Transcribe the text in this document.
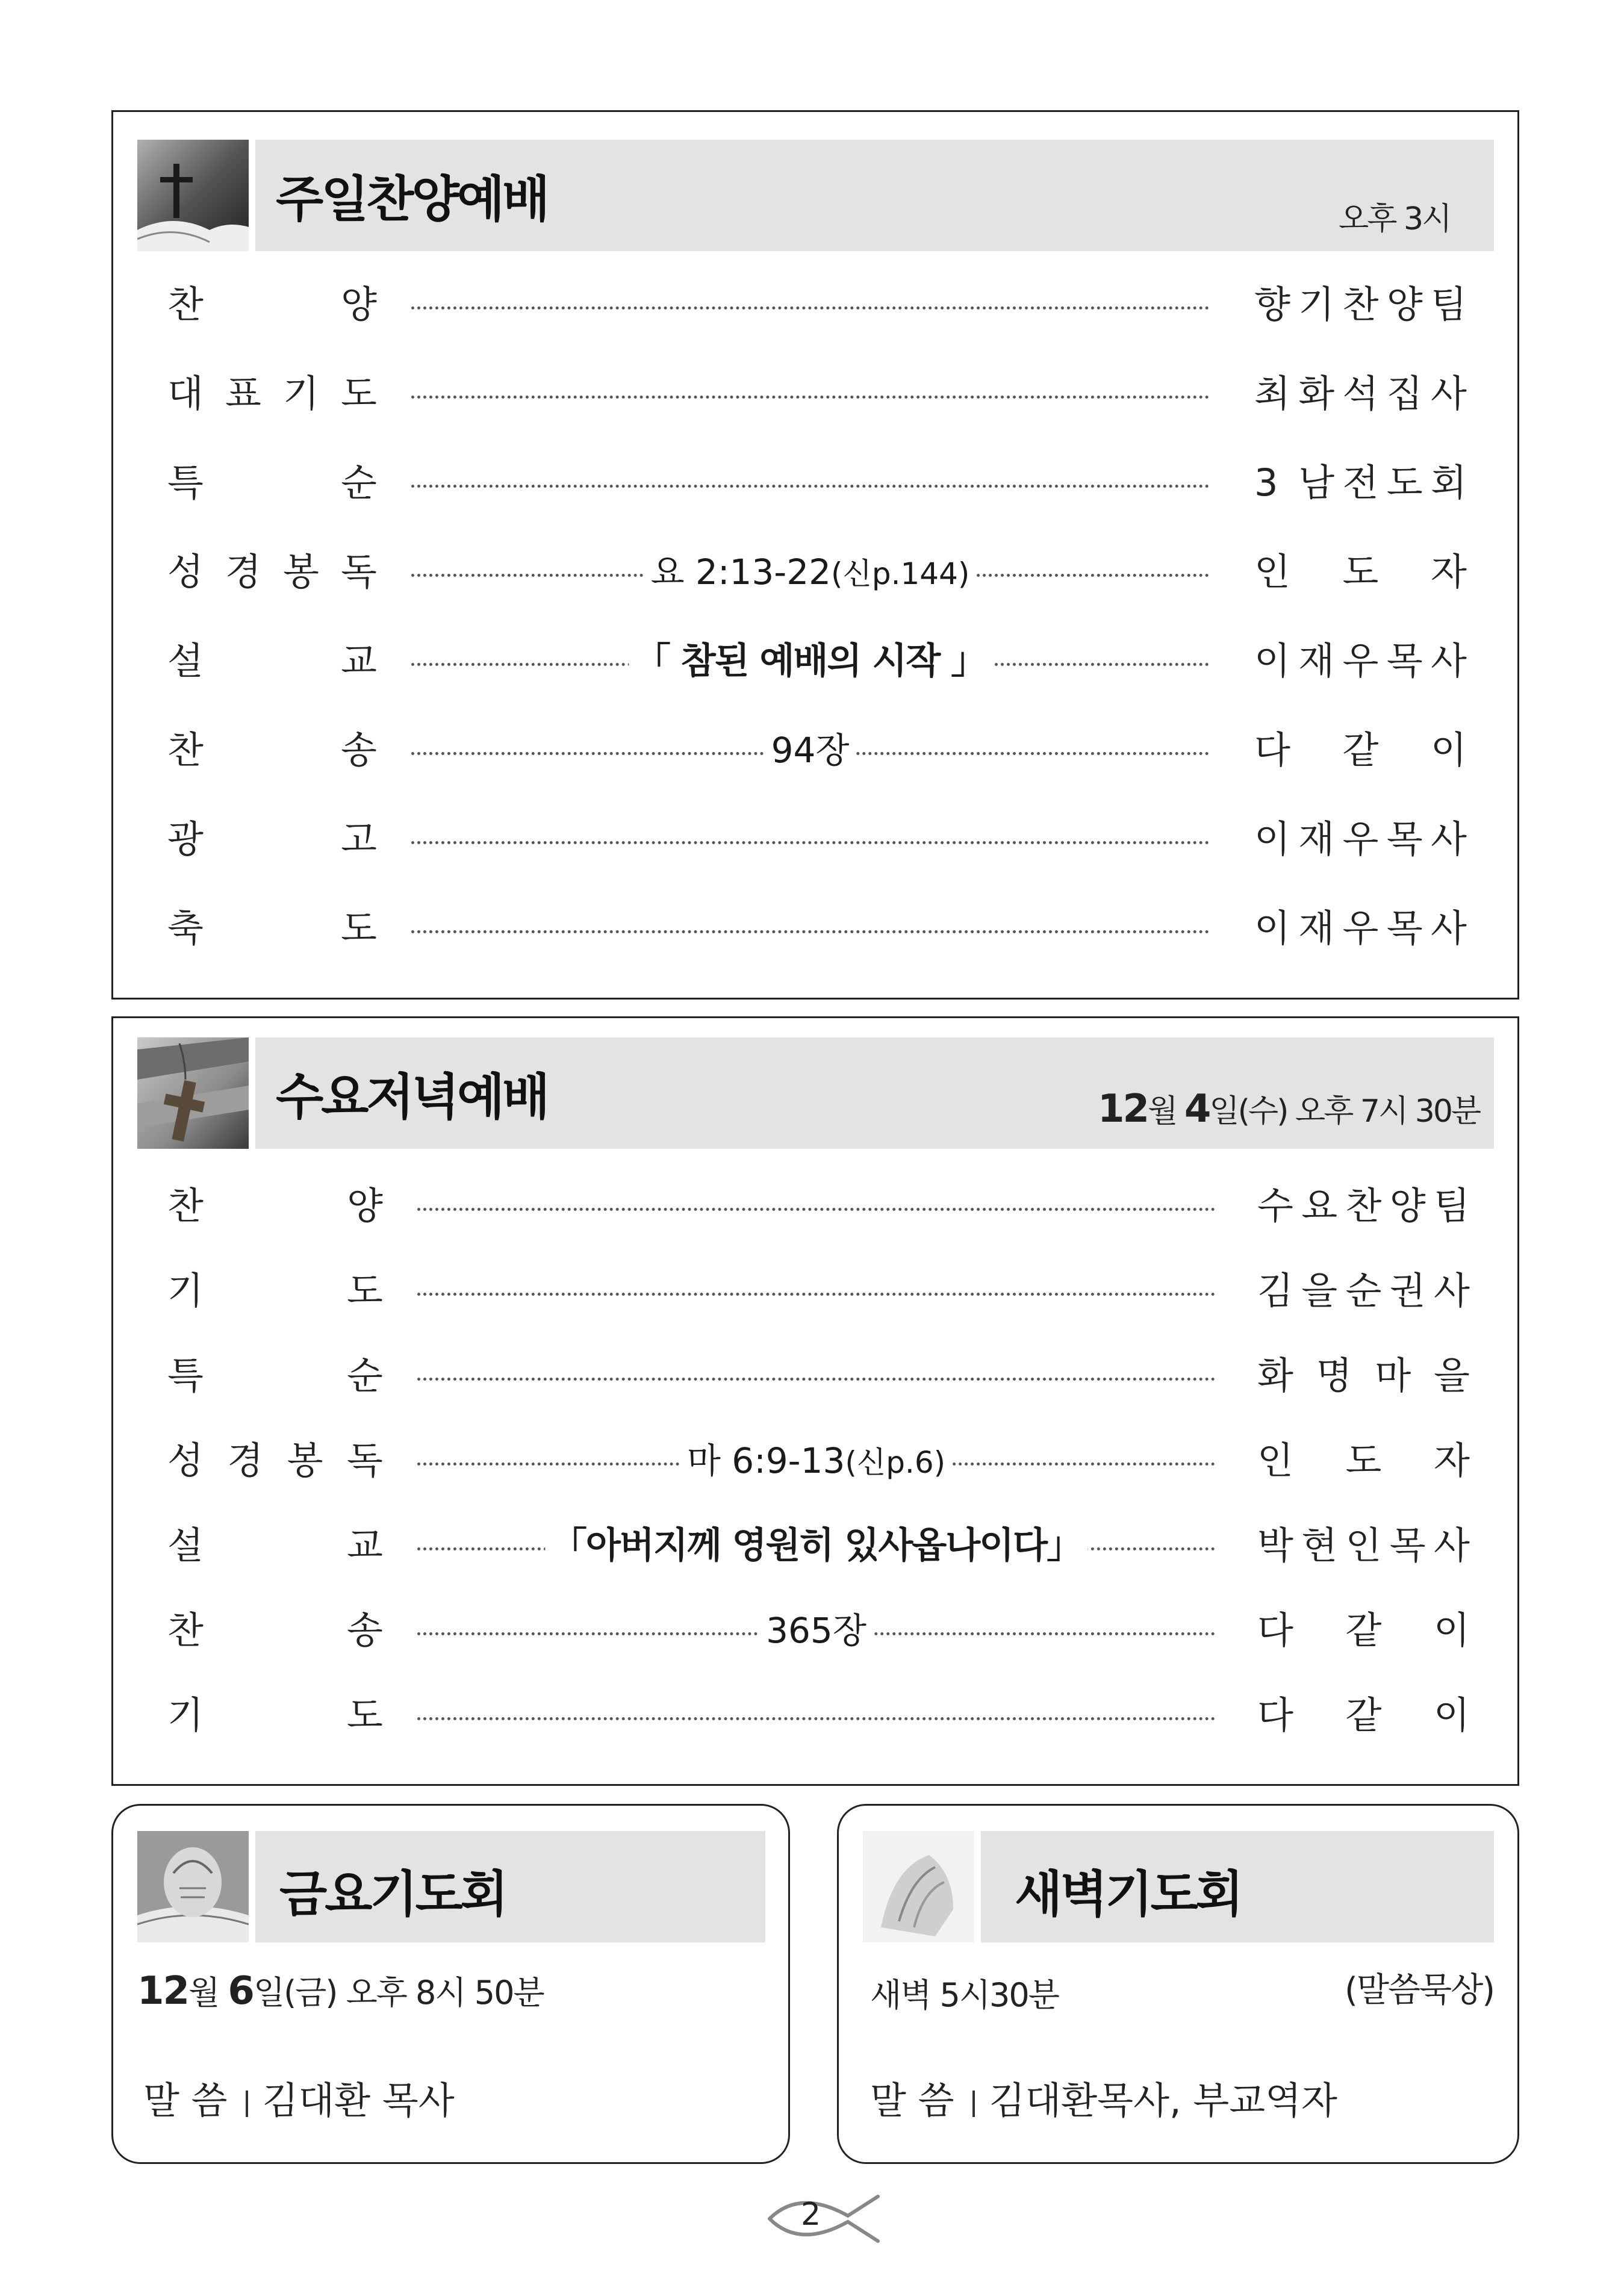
주일찬양예배	오후 3시
찬	양	향 기 찬 양 팀
대 표 기 도	최 화 석 집 사
특	순	3 남 전 도 회
성 경 봉 독	요 2:13-22(신p.144)	인 도 자
설	교	「 참된 예배의 시작 」	이 재 우 목 사
찬	송	94장	다 같 이
광	고	이 재 우 목 사
축	도	이 재 우 목 사
수요저녁예배	12월 4일(수) 오후 7시 30분
찬	양	수 요 찬 양 팀
기	도	김 을 순 권 사
특	순	화 명 마 을
성 경 봉 독	마 6:9-13(신p.6)	인 도 자
설	교	「아버지께 영원히 있사옵나이다」	박 현 인 목 사
찬	송	365장	다 같 이
기	도	다 같 이
금요기도회
12월 6일(금) 오후 8시 50분
말 씀 김대환 목사
새벽기도회
새벽 5시30분	(말씀묵상)
말 씀 김대환목사, 부교역자
2
